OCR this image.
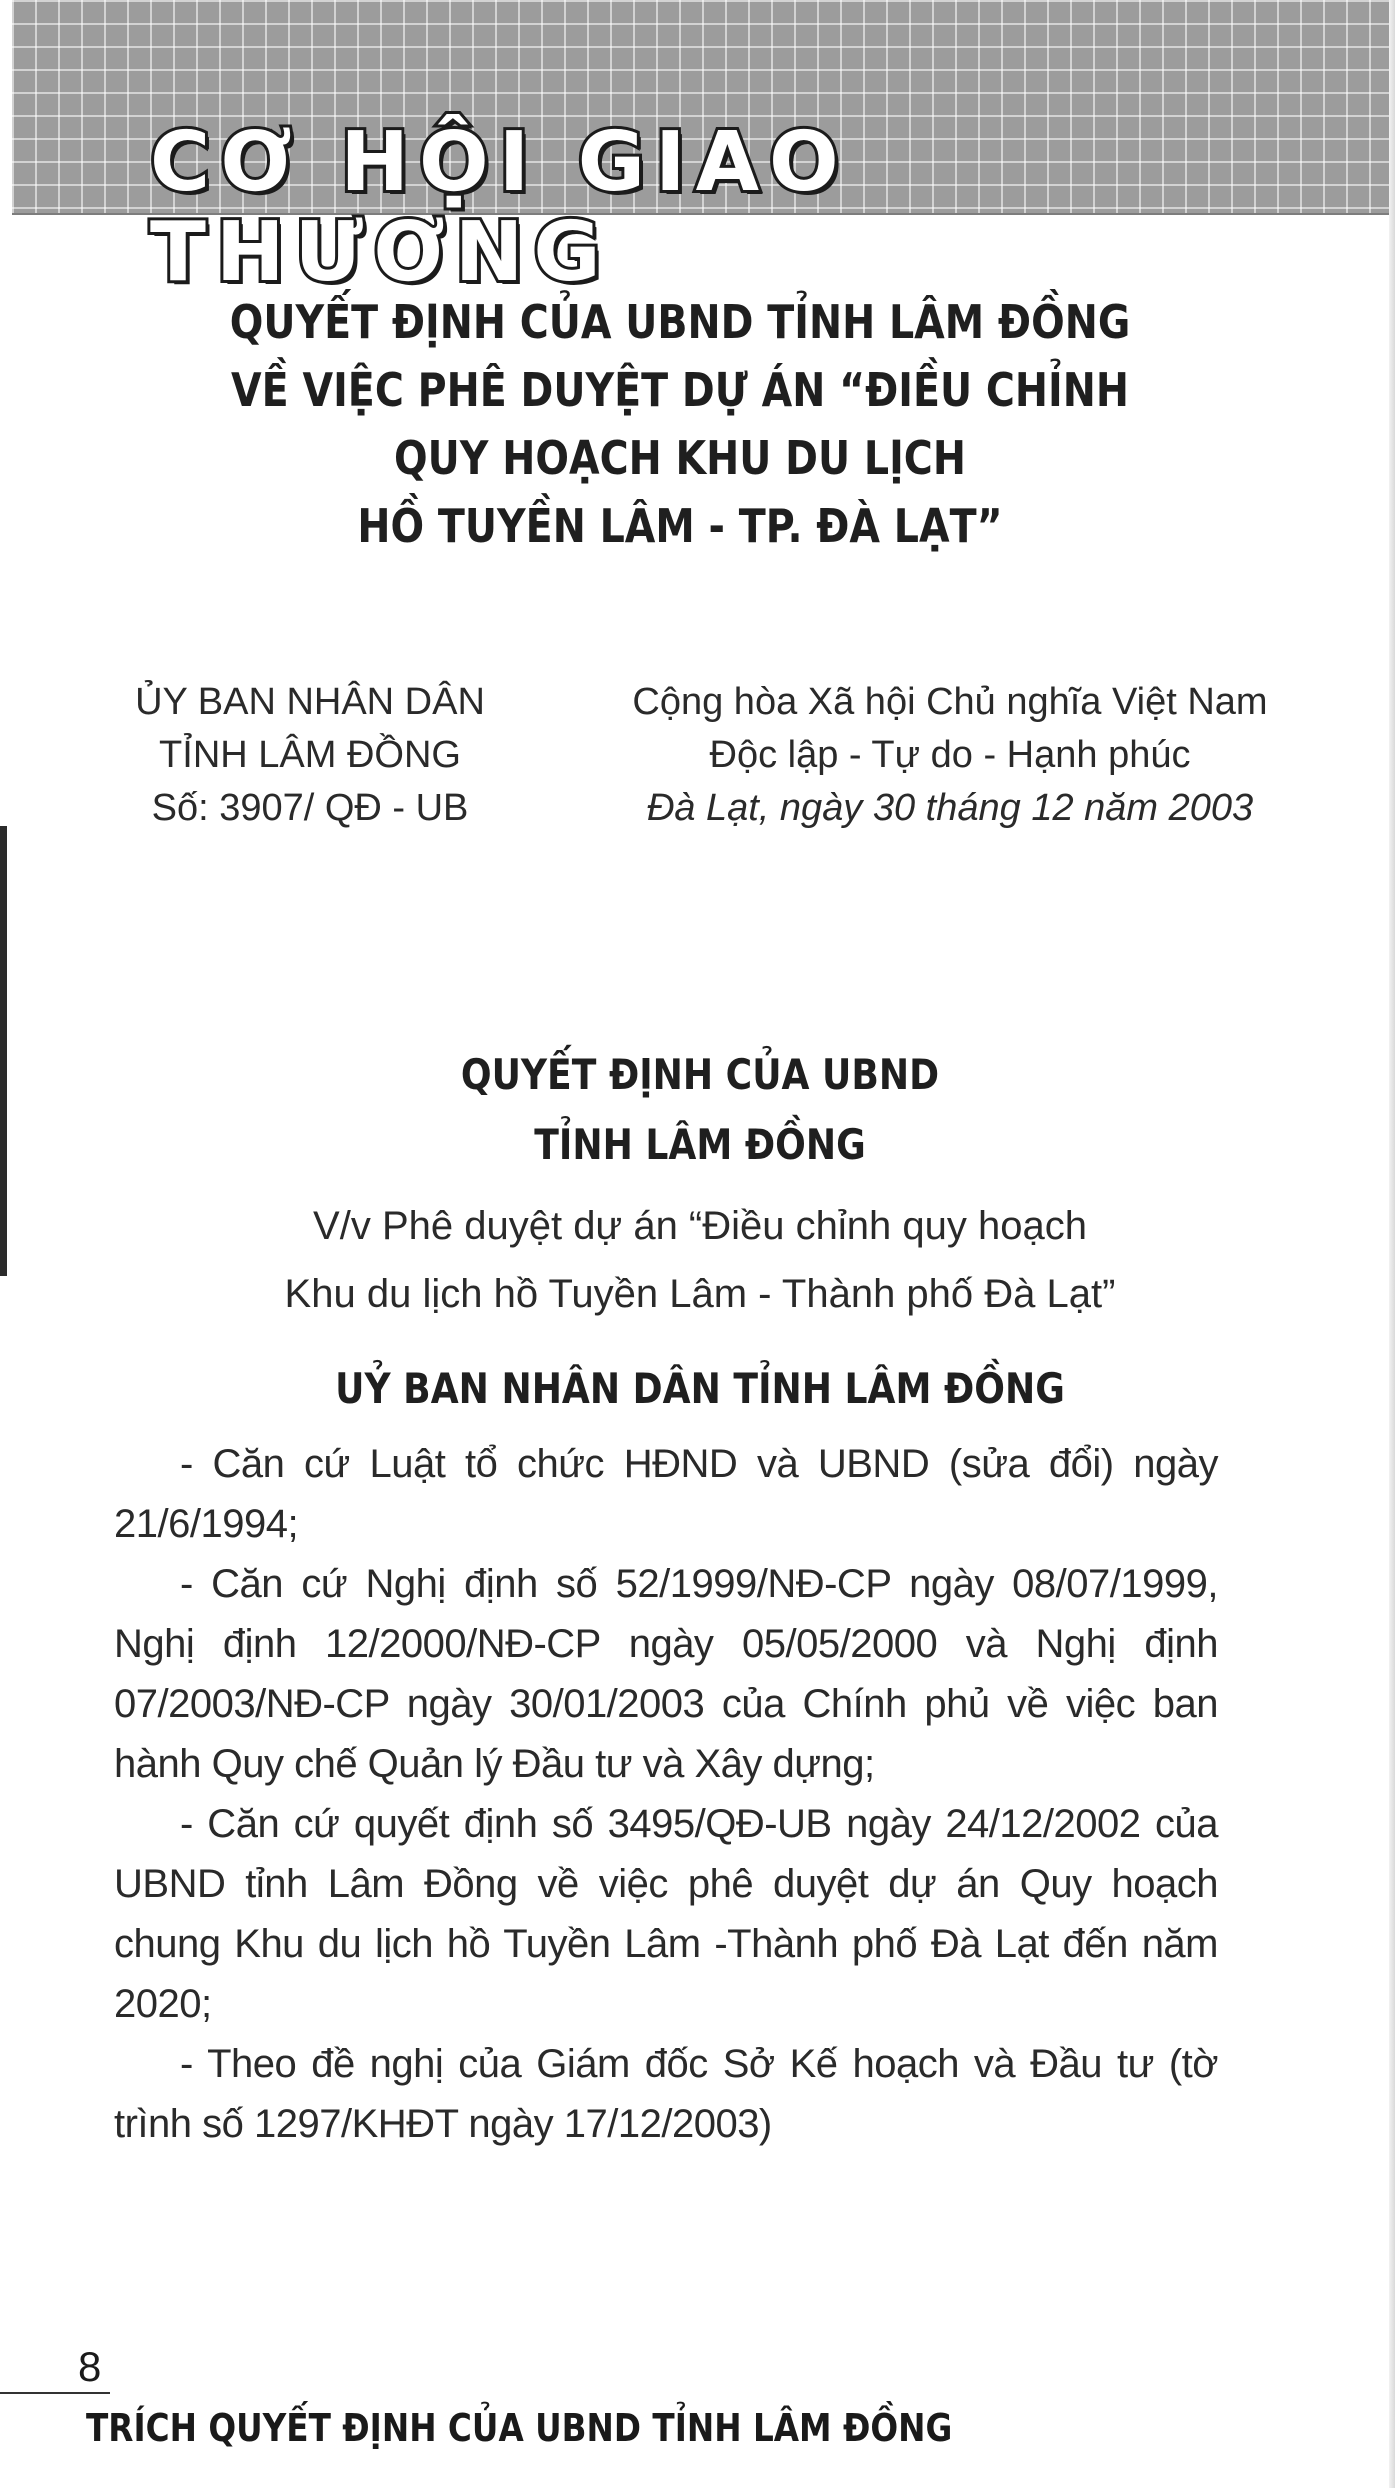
CƠ HỘI GIAO THƯƠNG
QUYẾT ĐỊNH CỦA UBND TỈNH LÂM ĐỒNG
VỀ VIỆC PHÊ DUYỆT DỰ ÁN “ĐIỀU CHỈNH
QUY HOẠCH KHU DU LỊCH
HỒ TUYỀN LÂM - TP. ĐÀ LẠT”
ỦY BAN NHÂN DÂN
TỈNH LÂM ĐỒNG
Số: 3907/ QĐ - UB
Cộng hòa Xã hội Chủ nghĩa Việt Nam
Độc lập - Tự do - Hạnh phúc
Đà Lạt, ngày 30 tháng 12 năm 2003
QUYẾT ĐỊNH CỦA UBND
TỈNH LÂM ĐỒNG
V/v Phê duyệt dự án “Điều chỉnh quy hoạch
Khu du lịch hồ Tuyền Lâm - Thành phố Đà Lạt”
UỶ BAN NHÂN DÂN TỈNH LÂM ĐỒNG

- Căn cứ Luật tổ chức HĐND và UBND (sửa đổi) ngày 21/6/1994;

- Căn cứ Nghị định số 52/1999/NĐ-CP ngày 08/07/1999, Nghị định 12/2000/NĐ-CP ngày 05/05/2000 và Nghị định 07/2003/NĐ-CP ngày 30/01/2003 của Chính phủ về việc ban hành Quy chế Quản lý Đầu tư và Xây dựng;

- Căn cứ quyết định số 3495/QĐ-UB ngày 24/12/2002 của UBND tỉnh Lâm Đồng về việc phê duyệt dự án Quy hoạch chung Khu du lịch hồ Tuyền Lâm -Thành phố Đà Lạt đến năm 2020;

- Theo đề nghị của Giám đốc Sở Kế hoạch và Đầu tư (tờ trình số 1297/KHĐT ngày 17/12/2003)

8
TRÍCH QUYẾT ĐỊNH CỦA UBND TỈNH LÂM ĐỒNG
